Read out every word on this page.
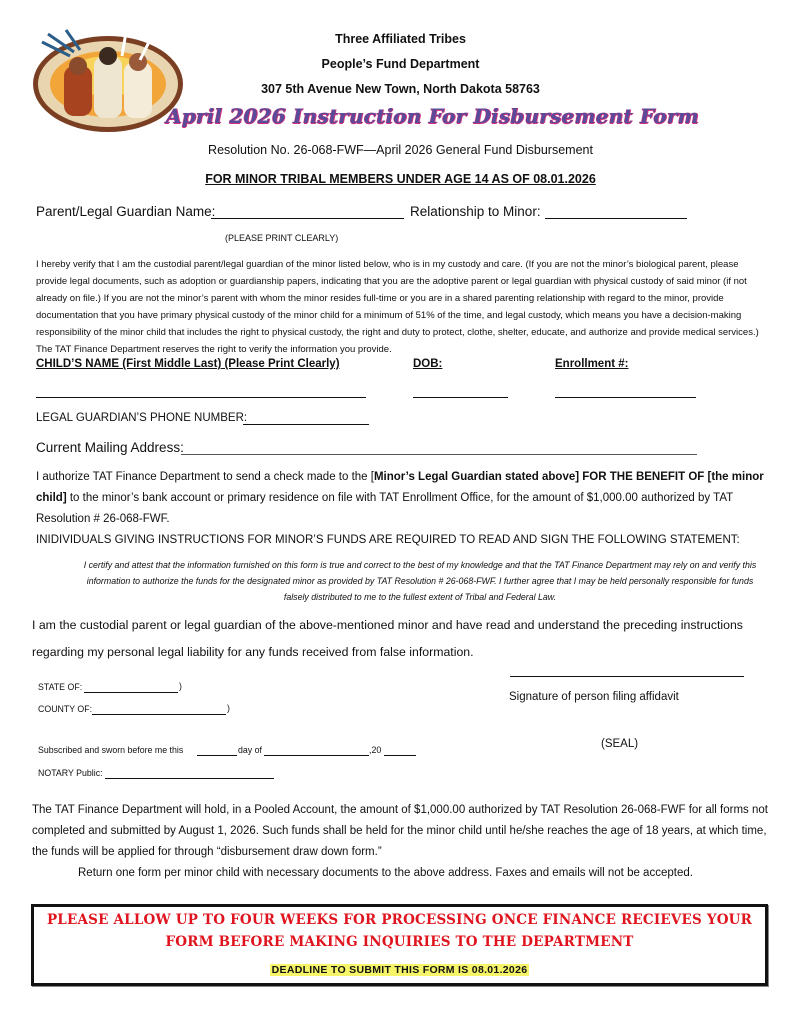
Three Affiliated Tribes
People’s Fund Department
307 5th Avenue New Town, North Dakota 58763
April 2026 Instruction For Disbursement Form
Resolution No. 26-068-FWF—April 2026 General Fund Disbursement
FOR MINOR TRIBAL MEMBERS UNDER AGE 14 AS OF 08.01.2026
Parent/Legal Guardian Name:	Relationship to Minor:
(PLEASE PRINT CLEARLY)
I hereby verify that I am the custodial parent/legal guardian of the minor listed below, who is in my custody and care. (If you are not the minor’s biological parent, please provide legal documents, such as adoption or guardianship papers, indicating that you are the adoptive parent or legal guardian with physical custody of said minor (if not already on file.) If you are not the minor’s parent with whom the minor resides full-time or you are in a shared parenting relationship with regard to the minor, provide documentation that you have primary physical custody of the minor child for a minimum of 51% of the time, and legal custody, which means you have a decision-making responsibility of the minor child that includes the right to physical custody, the right and duty to protect, clothe, shelter, educate, and authorize and provide medical services.) The TAT Finance Department reserves the right to verify the information you provide.
CHILD’S NAME (First Middle Last) (Please Print Clearly)	DOB:	Enrollment #:
LEGAL GUARDIAN’S PHONE NUMBER:
Current Mailing Address:
I authorize TAT Finance Department to send a check made to the [Minor’s Legal Guardian stated above] FOR THE BENEFIT OF [the minor child] to the minor’s bank account or primary residence on file with TAT Enrollment Office, for the amount of $1,000.00 authorized by TAT Resolution # 26-068-FWF.
INIDIVIDUALS GIVING INSTRUCTIONS FOR MINOR’S FUNDS ARE REQUIRED TO READ AND SIGN THE FOLLOWING STATEMENT:
I certify and attest that the information furnished on this form is true and correct to the best of my knowledge and that the TAT Finance Department may rely on and verify this information to authorize the funds for the designated minor as provided by TAT Resolution # 26-068-FWF. I further agree that I may be held personally responsible for funds falsely distributed to me to the fullest extent of Tribal and Federal Law.
I am the custodial parent or legal guardian of the above-mentioned minor and have read and understand the preceding instructions
regarding my personal legal liability for any funds received from false information.
STATE OF:	)
COUNTY OF:	)
Signature of person filing affidavit
Subscribed and sworn before me this	day of	,20	(SEAL)
NOTARY Public:
The TAT Finance Department will hold, in a Pooled Account, the amount of $1,000.00 authorized by TAT Resolution 26-068-FWF for all forms not completed and submitted by August 1, 2026. Such funds shall be held for the minor child until he/she reaches the age of 18 years, at which time, the funds will be applied for through “disbursement draw down form.”
Return one form per minor child with necessary documents to the above address. Faxes and emails will not be accepted.
PLEASE ALLOW UP TO FOUR WEEKS FOR PROCESSING ONCE FINANCE RECIEVES YOUR
FORM BEFORE MAKING INQUIRIES TO THE DEPARTMENT
DEADLINE TO SUBMIT THIS FORM IS 08.01.2026
